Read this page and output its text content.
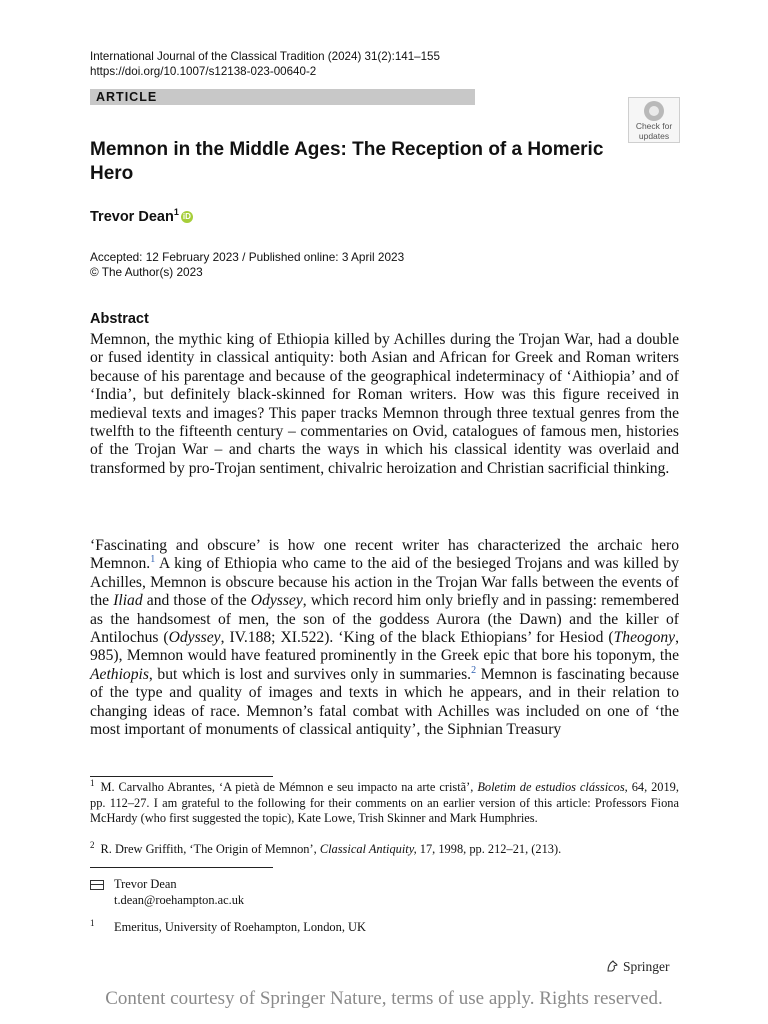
International Journal of the Classical Tradition (2024) 31(2):141–155
https://doi.org/10.1007/s12138-023-00640-2
ARTICLE
Check for updates
Memnon in the Middle Ages: The Reception of a Homeric Hero
Trevor Dean$^1$ iD
Accepted: 12 February 2023 / Published online: 3 April 2023
© The Author(s) 2023
Abstract
Memnon, the mythic king of Ethiopia killed by Achilles during the Trojan War, had a double or fused identity in classical antiquity: both Asian and African for Greek and Roman writers because of his parentage and because of the geographical indeterminacy of ‘Aithiopia’ and of ‘India’, but definitely black-skinned for Roman writers. How was this figure received in medieval texts and images? This paper tracks Memnon through three textual genres from the twelfth to the fifteenth century – commentaries on Ovid, catalogues of famous men, histories of the Trojan War – and charts the ways in which his classical identity was overlaid and transformed by pro-Trojan sentiment, chivalric heroization and Christian sacrificial thinking.
‘Fascinating and obscure’ is how one recent writer has characterized the archaic hero Memnon.$^1$ A king of Ethiopia who came to the aid of the besieged Trojans and was killed by Achilles, Memnon is obscure because his action in the Trojan War falls between the events of the Iliad and those of the Odyssey, which record him only briefly and in passing: remembered as the handsomest of men, the son of the goddess Aurora (the Dawn) and the killer of Antilochus (Odyssey, IV.188; XI.522). ‘King of the black Ethiopians’ for Hesiod (Theogony, 985), Memnon would have featured prominently in the Greek epic that bore his toponym, the Aethiopis, but which is lost and survives only in summaries.$^2$ Memnon is fascinating because of the type and quality of images and texts in which he appears, and in their relation to changing ideas of race. Memnon’s fatal combat with Achilles was included on one of ‘the most important of monuments of classical antiquity’, the Siphnian Treasury
$^1$ M. Carvalho Abrantes, ‘A pietà de Mémnon e seu impacto na arte cristã’, Boletim de estudios clássicos, 64, 2019, pp. 112–27. I am grateful to the following for their comments on an earlier version of this article: Professors Fiona McHardy (who first suggested the topic), Kate Lowe, Trish Skinner and Mark Humphries.
$^2$ R. Drew Griffith, ‘The Origin of Memnon’, Classical Antiquity, 17, 1998, pp. 212–21, (213).
Trevor Dean
t.dean@roehampton.ac.uk
$^1$ Emeritus, University of Roehampton, London, UK
Springer
Content courtesy of Springer Nature, terms of use apply. Rights reserved.
